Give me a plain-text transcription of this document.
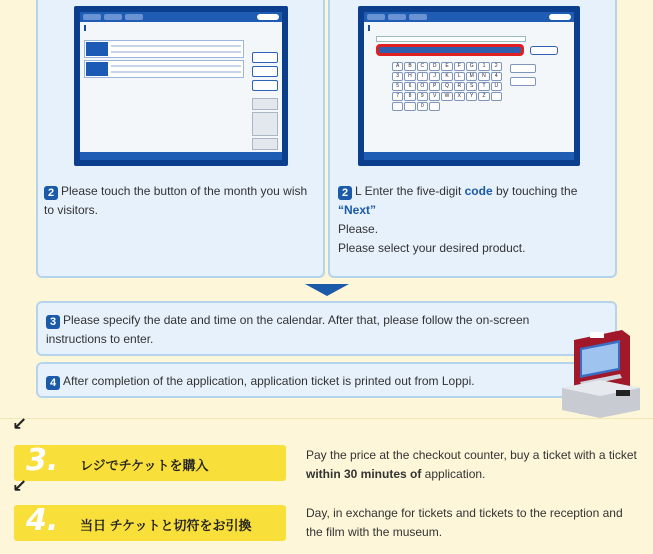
2 Please touch the button of the month you wish to visitors.

A	B	C	D	E	F	G	1	2
3	H	I	J	K	L	M	N	4
5	6	O	P	Q	R	S	T	U
7	8	9	V	W	X	Y	Z
0
2 L Enter the five-digit code by touching the
“Next”
Please.
Please select your desired product.
3 Please specify the date and time on the calendar. After that, please follow the on-screen instructions to enter.
4 After completion of the application, application ticket is printed out from Loppi.
↙
3. レジでチケットを購入
Pay the price at the checkout counter, buy a ticket with a ticket within 30 minutes of application.
↙
4. 当日 チケットと切符をお引換
Day, in exchange for tickets and tickets to the reception and the film with the museum.
